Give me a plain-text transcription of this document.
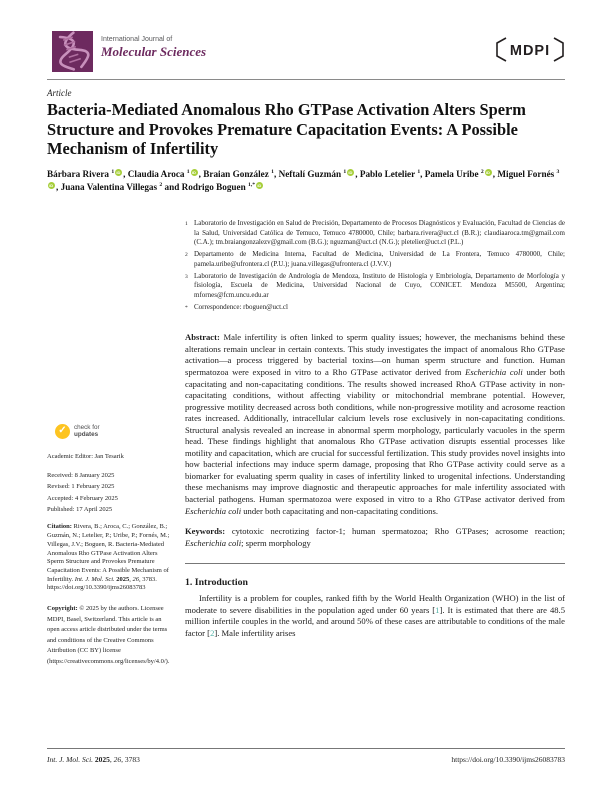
International Journal of
Molecular Sciences	MDPI
Article
Bacteria-Mediated Anomalous Rho GTPase Activation Alters Sperm Structure and Provokes Premature Capacitation Events: A Possible Mechanism of Infertility
Bárbara Rivera $^1$ iD , Claudia Aroca $^1$ iD , Braian González $^1$, Neftalí Guzmán $^1$ iD , Pablo Letelier $^1$, Pamela Uribe $^2$ iD , Miguel Fornés $^3$iD, Juana Valentina Villegas $^2$ and Rodrigo Boguen $^{1,*}$iD
1 Laboratorio de Investigación en Salud de Precisión, Departamento de Procesos Diagnósticos y Evaluación, Facultad de Ciencias de la Salud, Universidad Católica de Temuco, Temuco 4780000, Chile; barbara.rivera@uct.cl (B.R.); claudiaaroca.tm@gmail.com (C.A.); tm.braiangonzalezv@gmail.com (B.G.); nguzman@uct.cl (N.G.); pletelier@uct.cl (P.L.)
2 Departamento de Medicina Interna, Facultad de Medicina, Universidad de La Frontera, Temuco 4780000, Chile; pamela.uribe@ufrontera.cl (P.U.); juana.villegas@ufrontera.cl (J.V.V.)
3 Laboratorio de Investigación de Andrología de Mendoza, Instituto de Histología y Embriología, Departamento de Morfología y fisiología, Escuela de Medicina, Universidad Nacional de Cuyo, CONICET. Mendoza M5500, Argentina; mfornes@fcm.uncu.edu.ar
* Correspondence: rboguen@uct.cl

Abstract: Male infertility is often linked to sperm quality issues; however, the mechanisms behind these alterations remain unclear in certain contexts. This study investigates the impact of anomalous Rho GTPase activation—a process triggered by bacterial toxins—on human sperm structure and function. Human spermatozoa were exposed in vitro to a Rho GTPase activator derived from Escherichia coli under both capacitating and non-capacitating conditions. The results showed increased RhoA GTPase activity in non-capacitating conditions, without affecting viability or mitochondrial membrane potential. However, progressive motility decreased across both conditions, while non-progressive motility and acrosome reaction rates increased. Additionally, intracellular calcium levels rose exclusively in non-capacitating conditions. Structural analysis revealed an increase in abnormal sperm morphology, particularly vacuoles in the sperm head. These findings highlight that anomalous Rho GTPase activation disrupts essential processes like motility and capacitation, which are crucial for successful fertilization. This study provides novel insights into how bacterial infections may induce sperm damage, proposing that Rho GTPase activity could serve as a biomarker for evaluating sperm quality in cases of infertility linked to urogenital infections. Understanding these mechanisms may improve diagnostic and therapeutic approaches for male infertility associated with bacterial pathogens. Human spermatozoa were exposed in vitro to a Rho GTPase activator derived from Escherichia coli under both capacitating and non-capacitating conditions.

Keywords: cytotoxic necrotizing factor-1; human spermatozoa; Rho GTPases; acrosome reaction; Escherichia coli; sperm morphology

1. Introduction

Infertility is a problem for couples, ranked fifth by the World Health Organization (WHO) in the list of moderate to severe disabilities in the population aged under 60 years [1]. It is estimated that there are 48.5 million infertile couples in the world, and around 50% of these cases are attributable to conditions of the male factor [2]. Male infertility arises

✓	check for
updates
Academic Editor: Jan Tesarik
Received: 8 January 2025
Revised: 1 February 2025
Accepted: 4 February 2025
Published: 17 April 2025
Citation: Rivera, B.; Aroca, C.; González, B.; Guzmán, N.; Letelier, P.; Uribe, P.; Fornés, M.; Villegas, J.V.; Boguen, R. Bacteria-Mediated Anomalous Rho GTPase Activation Alters Sperm Structure and Provokes Premature Capacitation Events: A Possible Mechanism of Infertility. Int. J. Mol. Sci. 2025, 26, 3783. https://doi.org/10.3390/ijms26083783
Copyright: © 2025 by the authors. Licensee MDPI, Basel, Switzerland. This article is an open access article distributed under the terms and conditions of the Creative Commons Attribution (CC BY) license (https://creativecommons.org/licenses/by/4.0/).
Int. J. Mol. Sci. 2025, 26, 3783	https://doi.org/10.3390/ijms26083783
